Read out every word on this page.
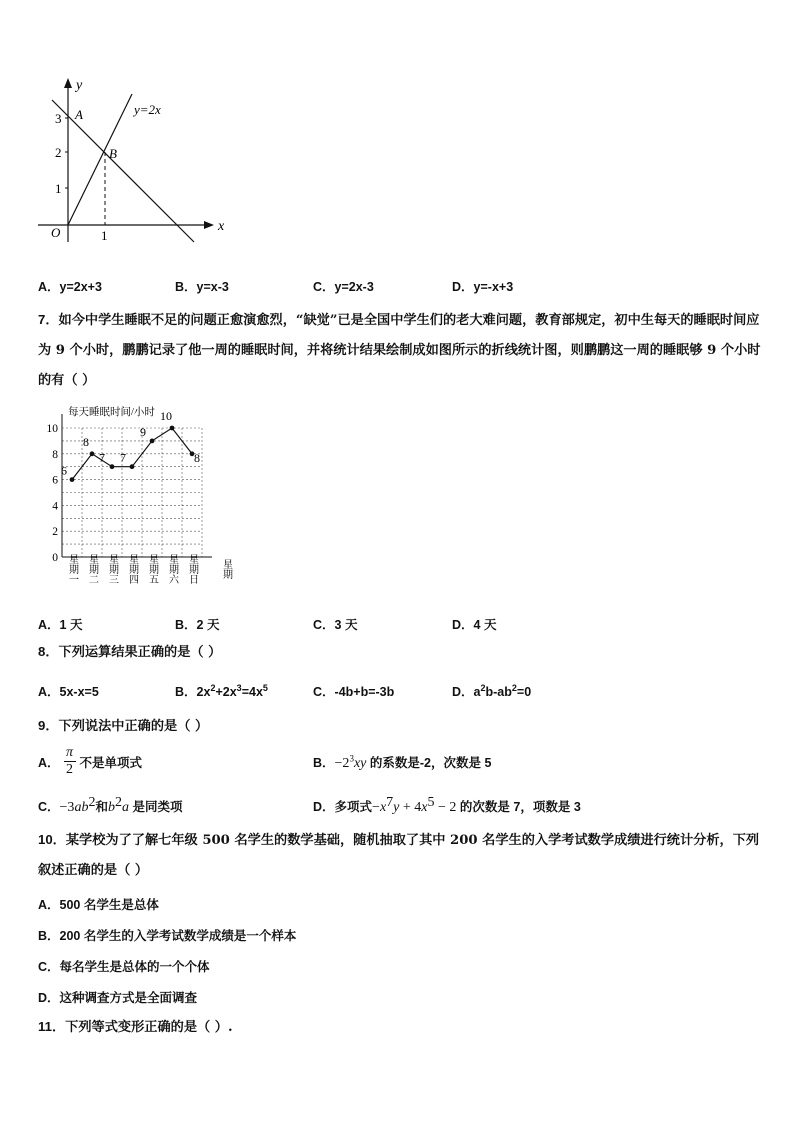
y
x
O
3
2
1
1
A
B
y=2x
A．y=2x+3	B．y=x-3	C．y=2x-3	D．y=-x+3
7．如今中学生睡眠不足的问题正愈演愈烈，“缺觉”已是全国中学生们的老大难问题，教育部规定，初中生每天的睡眠时间应为 9 个小时，鹏鹏记录了他一周的睡眠时间，并将统计结果绘制成如图所示的折线统计图，则鹏鹏这一周的睡眠够 9 个小时的有（ ）
每天睡眠时间/小时
10
8
6
4
2
0 星期一 星期二 星期三 星期四 星期五 星期六 星期日 星期
6
8
7 7
9
10
8
A．1 天	B．2 天	C．3 天	D．4 天
8．下列运算结果正确的是（ ）
A．5x-x=5	B．$2x^2+2x^3=4x^5$	C．-4b+b=-3b	D．$a^2b-ab^2=0$
9．下列说法中正确的是（ ）
A． $\frac{\pi}{2}$ 不是单项式	B．$-2^3xy$ 的系数是-2，次数是 5
C．$-3ab^2$和$b^2a$ 是同类项	D．多项式$-x^7y + 4x^5 - 2$ 的次数是 7，项数是 3
10．某学校为了了解七年级 500 名学生的数学基础，随机抽取了其中 200 名学生的入学考试数学成绩进行统计分析，下列叙述正确的是（ ）
A．500 名学生是总体
B．200 名学生的入学考试数学成绩是一个样本
C．每名学生是总体的一个个体
D．这种调查方式是全面调查
11．下列等式变形正确的是（ ）.
